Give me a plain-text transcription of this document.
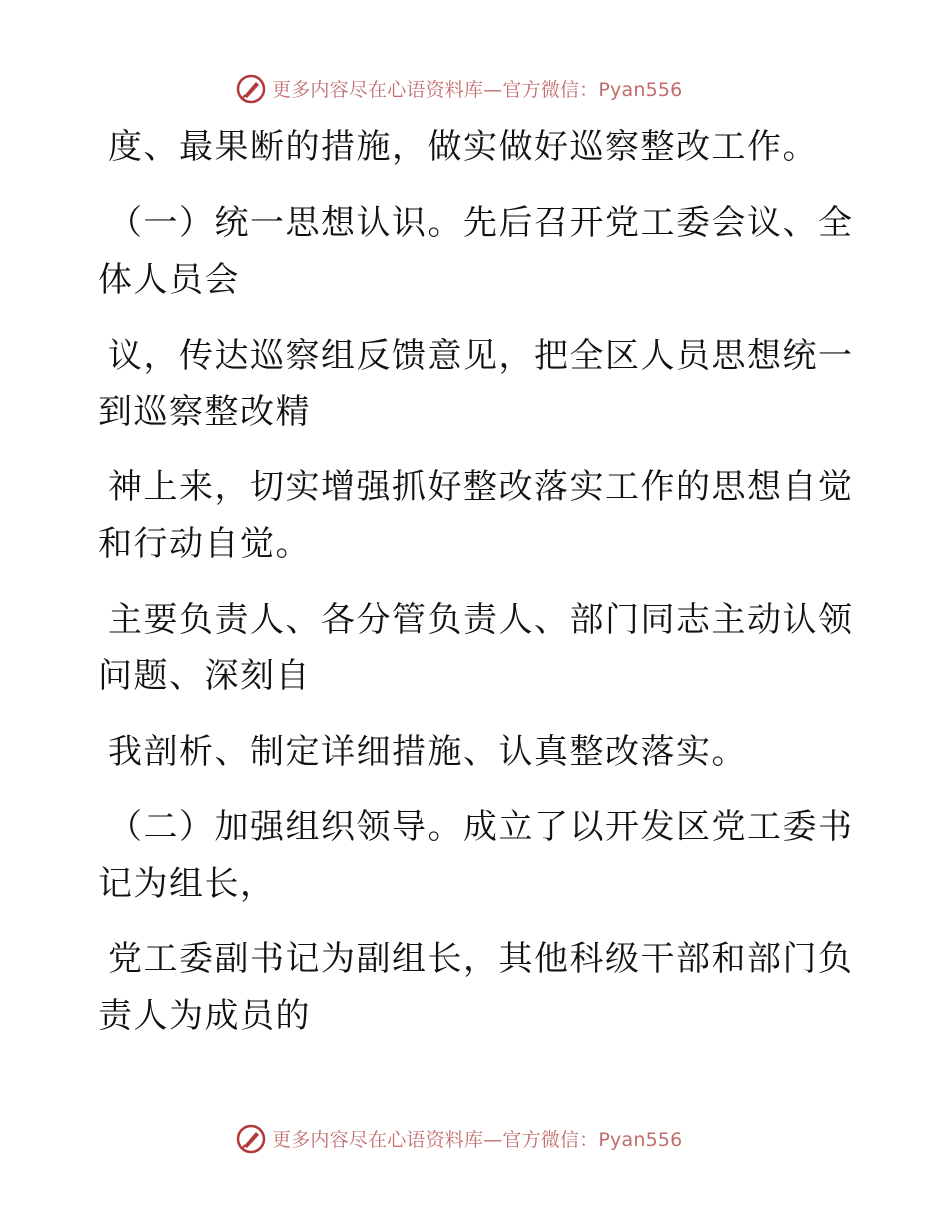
更多内容尽在心语资料库—官方微信：Pyan556
度、最果断的措施，做实做好巡察整改工作。
（一）统一思想认识。先后召开党工委会议、全
体人员会
议，传达巡察组反馈意见，把全区人员思想统一
到巡察整改精
神上来，切实增强抓好整改落实工作的思想自觉
和行动自觉。
主要负责人、各分管负责人、部门同志主动认领
问题、深刻自
我剖析、制定详细措施、认真整改落实。
（二）加强组织领导。成立了以开发区党工委书
记为组长，
党工委副书记为副组长，其他科级干部和部门负
责人为成员的
更多内容尽在心语资料库—官方微信：Pyan556
